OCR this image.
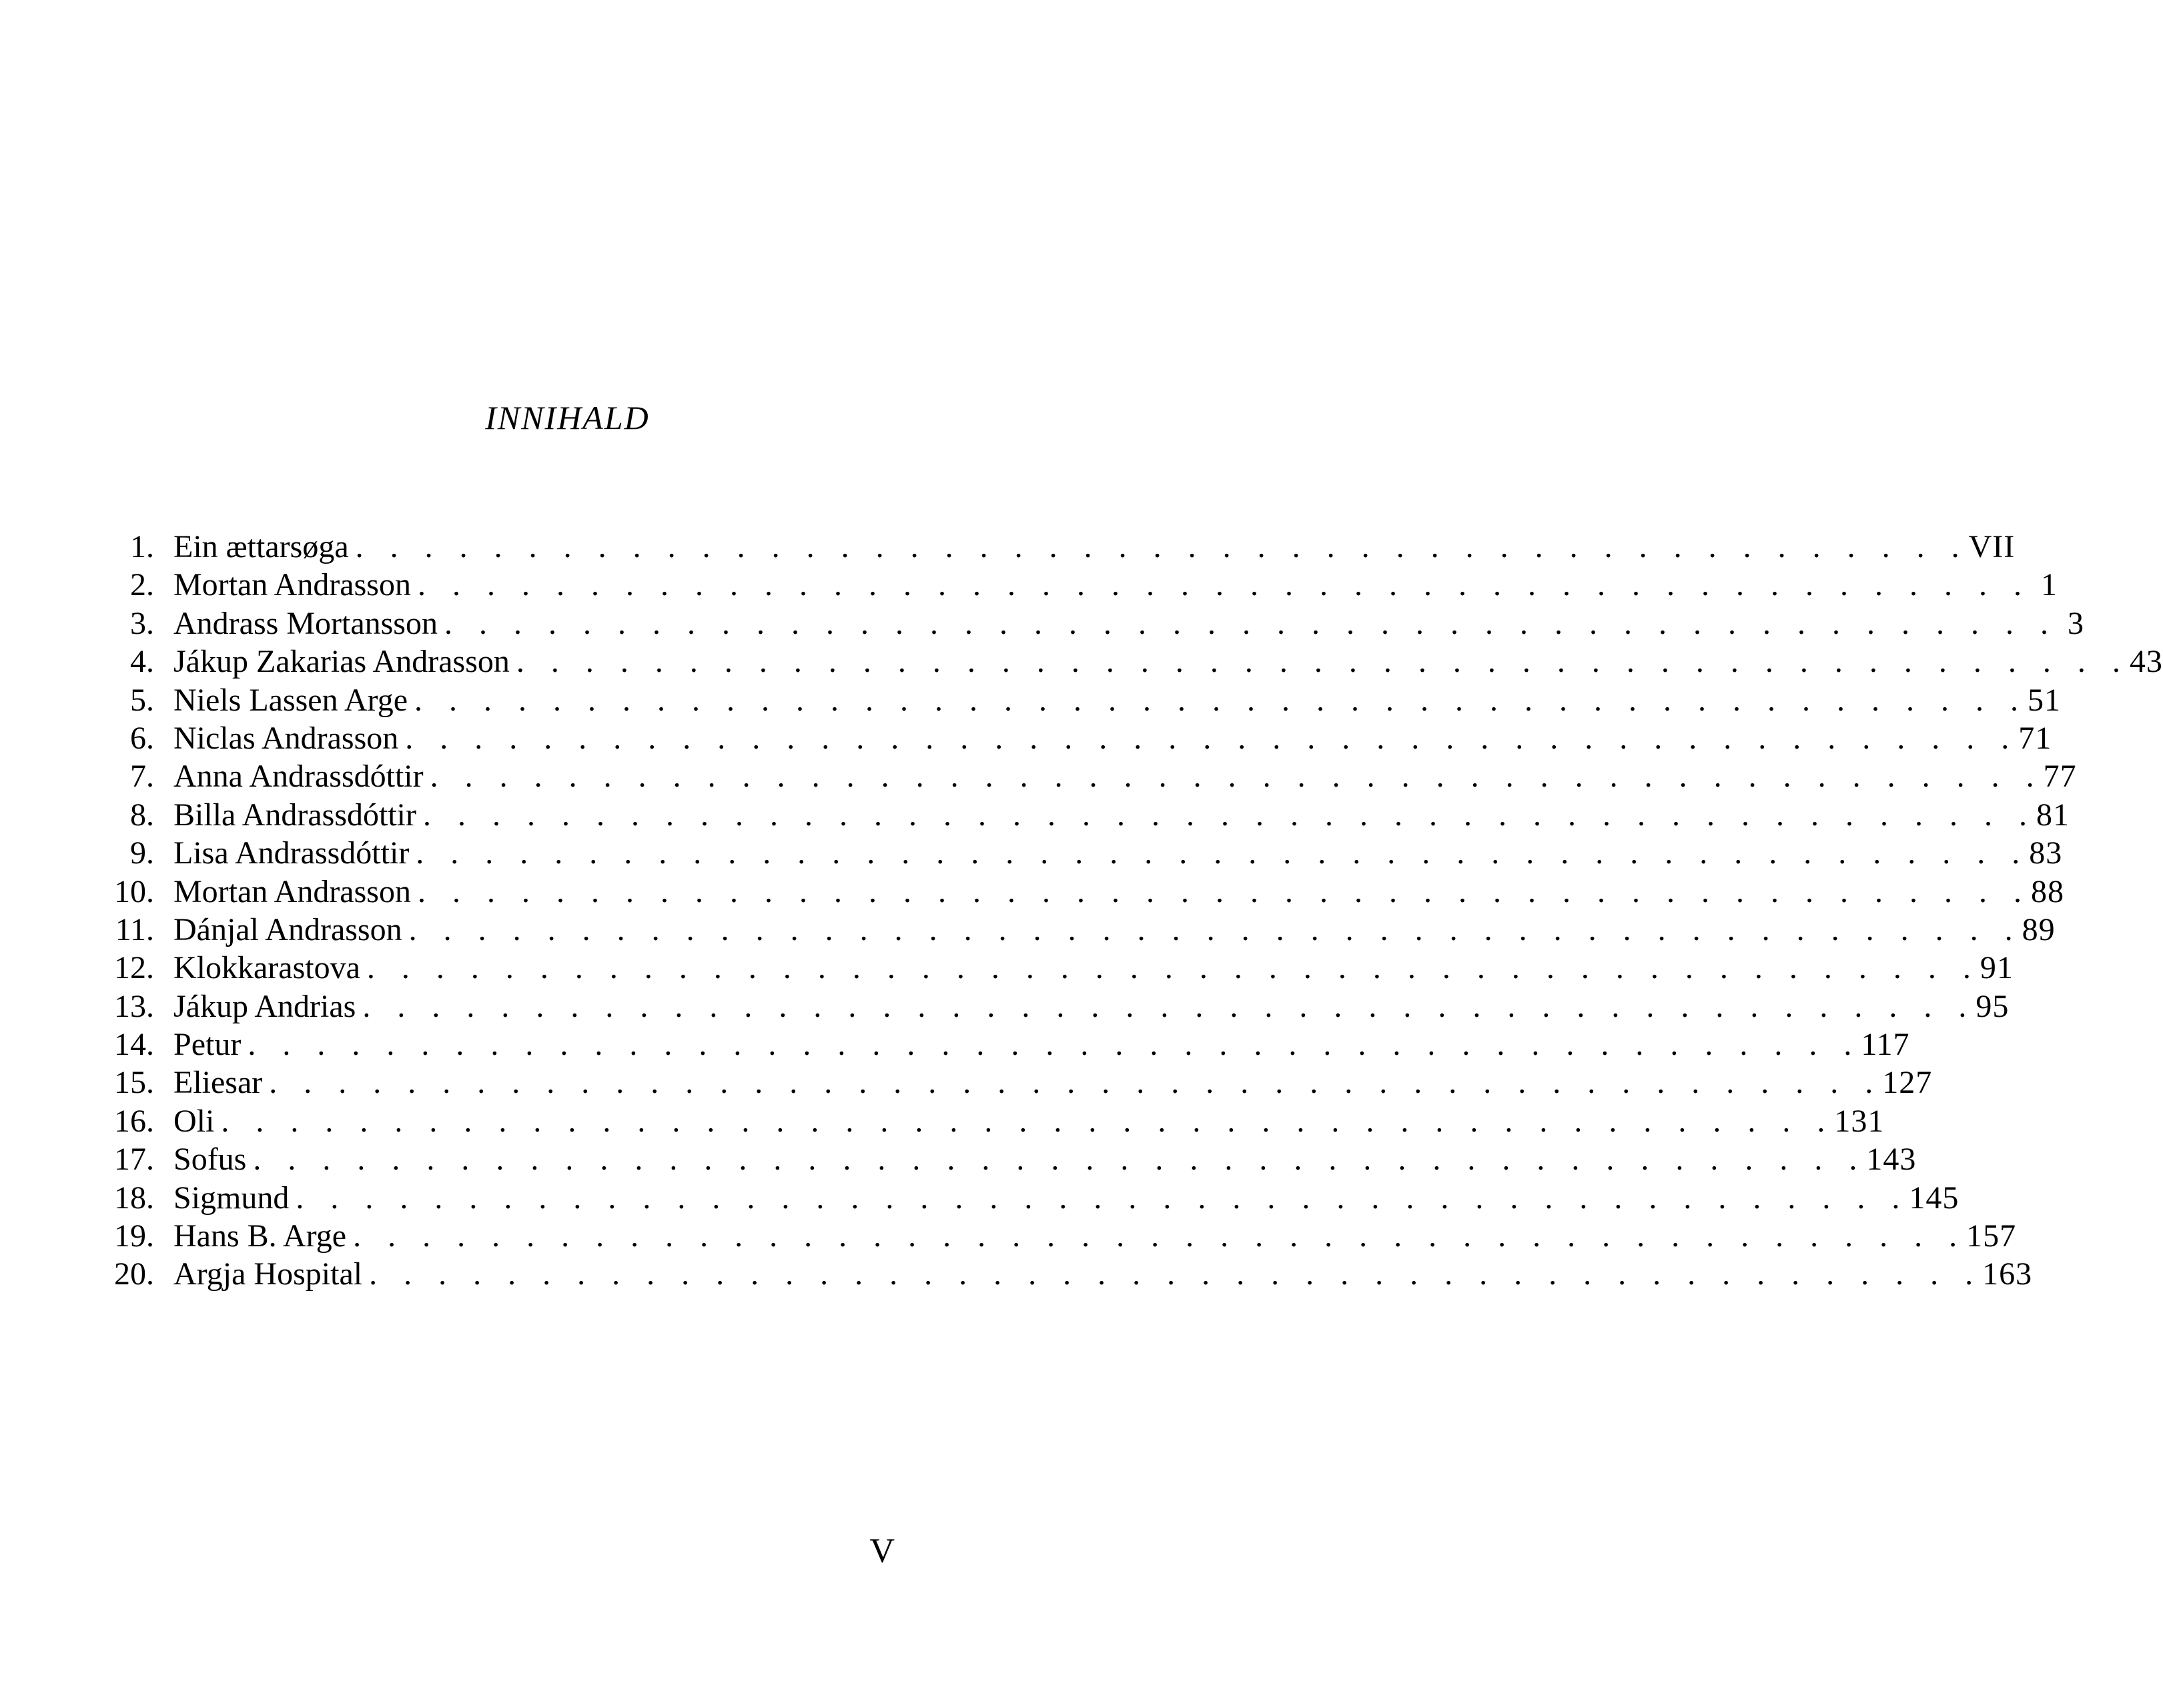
INNIHALD
1. Ein ættarsøga . . . . . . . . . . . . . . . . . . . . . . . . . . . . . . . . . . . . . . . . . . . . . . . VII
2. Mortan Andrasson . . . . . . . . . . . . . . . . . . . . . . . . . . . . . . . . . . . . . . . . . . . . . . . 1
3. Andrass Mortansson . . . . . . . . . . . . . . . . . . . . . . . . . . . . . . . . . . . . . . . . . . . . . . . 3
4. Jákup Zakarias Andrasson . . . . . . . . . . . . . . . . . . . . . . . . . . . . . . . . . . . . . . . . . . . . . . . 43
5. Niels Lassen Arge . . . . . . . . . . . . . . . . . . . . . . . . . . . . . . . . . . . . . . . . . . . . . . . 51
6. Niclas Andrasson . . . . . . . . . . . . . . . . . . . . . . . . . . . . . . . . . . . . . . . . . . . . . . . 71
7. Anna Andrassdóttir . . . . . . . . . . . . . . . . . . . . . . . . . . . . . . . . . . . . . . . . . . . . . . . 77
8. Billa Andrassdóttir . . . . . . . . . . . . . . . . . . . . . . . . . . . . . . . . . . . . . . . . . . . . . . . 81
9. Lisa Andrassdóttir . . . . . . . . . . . . . . . . . . . . . . . . . . . . . . . . . . . . . . . . . . . . . . . 83
10. Mortan Andrasson . . . . . . . . . . . . . . . . . . . . . . . . . . . . . . . . . . . . . . . . . . . . . . . 88
11. Dánjal Andrasson . . . . . . . . . . . . . . . . . . . . . . . . . . . . . . . . . . . . . . . . . . . . . . . 89
12. Klokkarastova . . . . . . . . . . . . . . . . . . . . . . . . . . . . . . . . . . . . . . . . . . . . . . . 91
13. Jákup Andrias . . . . . . . . . . . . . . . . . . . . . . . . . . . . . . . . . . . . . . . . . . . . . . . 95
14. Petur . . . . . . . . . . . . . . . . . . . . . . . . . . . . . . . . . . . . . . . . . . . . . . . 117
15. Eliesar . . . . . . . . . . . . . . . . . . . . . . . . . . . . . . . . . . . . . . . . . . . . . . . 127
16. Oli . . . . . . . . . . . . . . . . . . . . . . . . . . . . . . . . . . . . . . . . . . . . . . . 131
17. Sofus . . . . . . . . . . . . . . . . . . . . . . . . . . . . . . . . . . . . . . . . . . . . . . . 143
18. Sigmund . . . . . . . . . . . . . . . . . . . . . . . . . . . . . . . . . . . . . . . . . . . . . . . 145
19. Hans B. Arge . . . . . . . . . . . . . . . . . . . . . . . . . . . . . . . . . . . . . . . . . . . . . . . 157
20. Argja Hospital . . . . . . . . . . . . . . . . . . . . . . . . . . . . . . . . . . . . . . . . . . . . . . . 163
V
